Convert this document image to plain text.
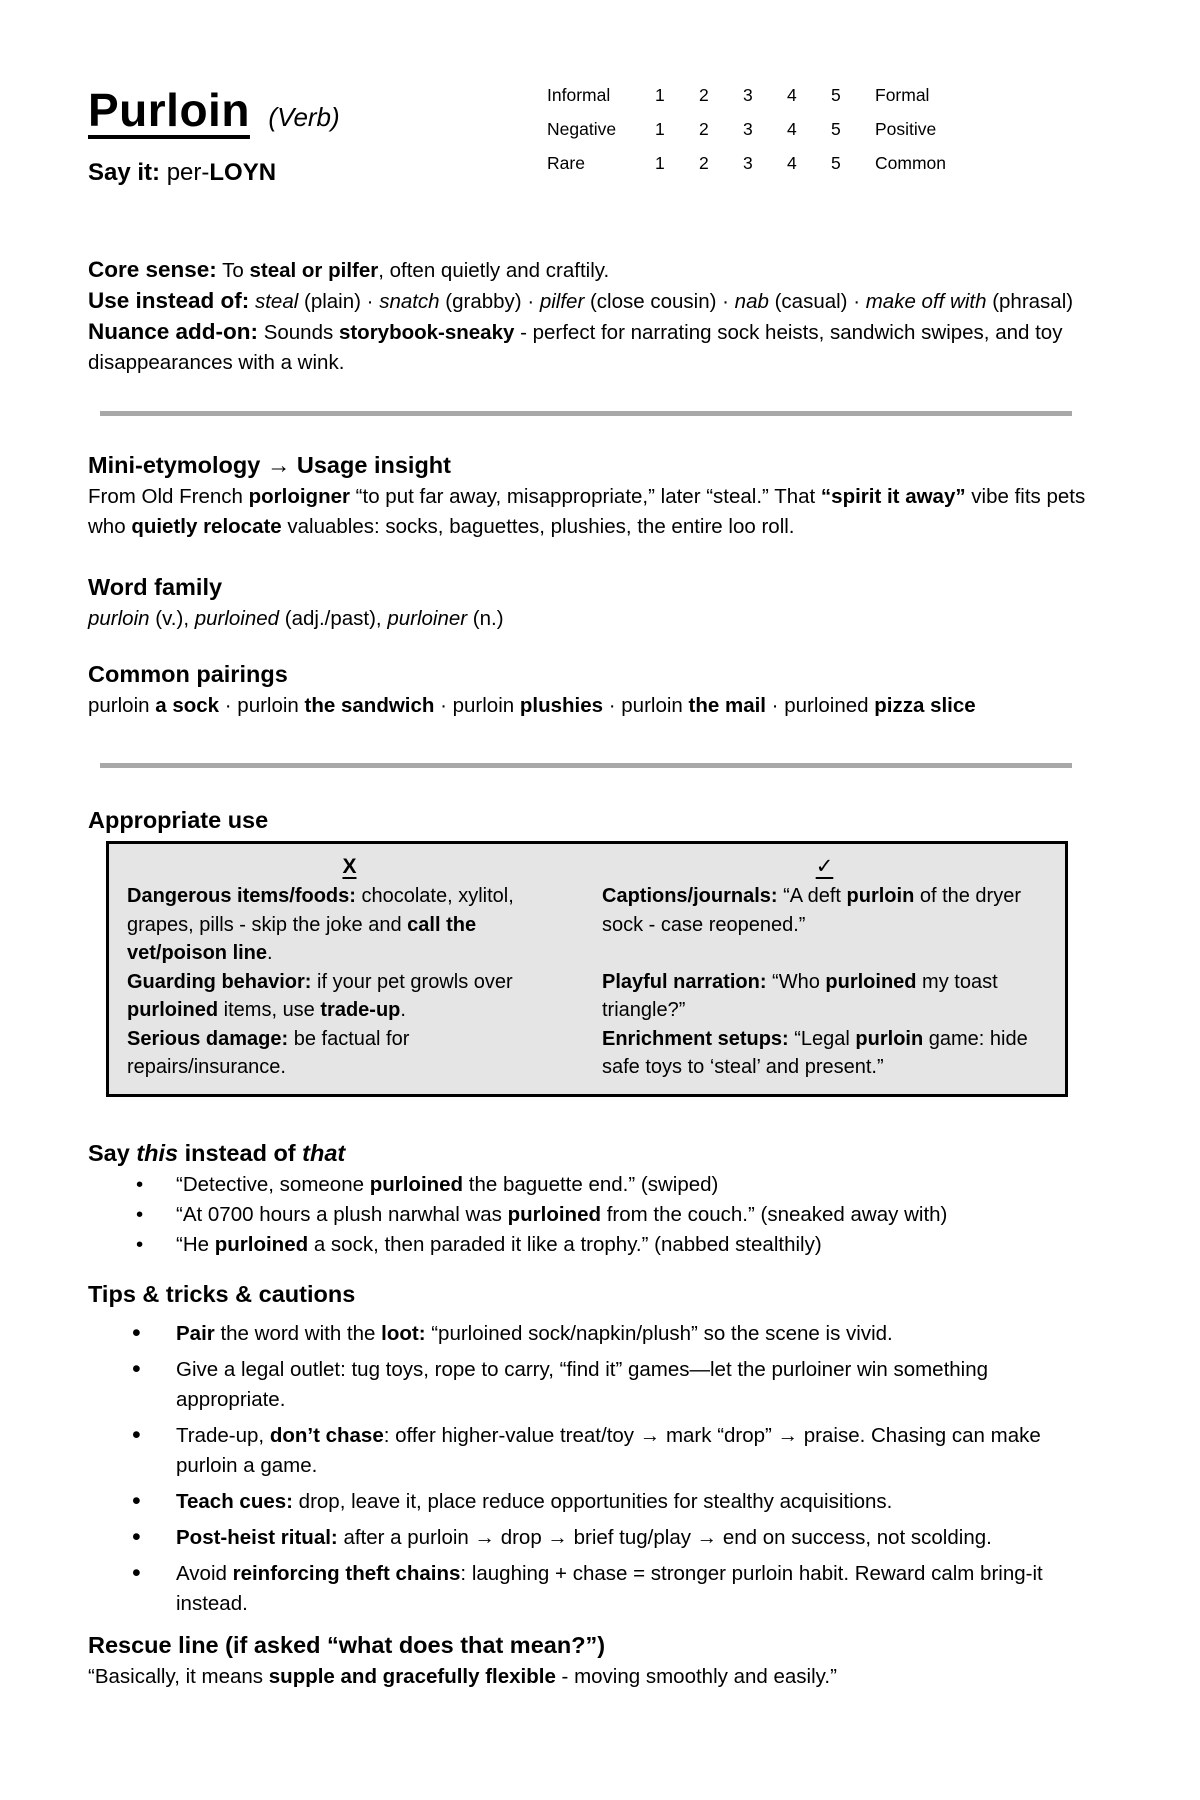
Purloin (Verb)
Say it: per-LOYN
Informal	1	2	3	4	5	Formal
Negative	1	2	3	4	5	Positive
Rare	1	2	3	4	5	Common
Core sense: To steal or pilfer, often quietly and craftily.
Use instead of: steal (plain) · snatch (grabby) · pilfer (close cousin) · nab (casual) · make off with (phrasal)
Nuance add-on: Sounds storybook-sneaky - perfect for narrating sock heists, sandwich swipes, and toy disappearances with a wink.
Mini-etymology → Usage insight
From Old French porloigner “to put far away, misappropriate,” later “steal.” That “spirit it away” vibe fits pets who quietly relocate valuables: socks, baguettes, plushies, the entire loo roll.
Word family
purloin (v.), purloined (adj./past), purloiner (n.)
Common pairings
purloin a sock · purloin the sandwich · purloin plushies · purloin the mail · purloined pizza slice
Appropriate use
X	✓
Dangerous items/foods: chocolate, xylitol, grapes, pills - skip the joke and call the vet/poison line.
Captions/journals: “A deft purloin of the dryer sock - case reopened.”
Guarding behavior: if your pet growls over purloined items, use trade-up.
Playful narration: “Who purloined my toast triangle?”
Serious damage: be factual for repairs/insurance.
Enrichment setups: “Legal purloin game: hide safe toys to ‘steal’ and present.”
Say this instead of that
• “Detective, someone purloined the baguette end.” (swiped)
• “At 0700 hours a plush narwhal was purloined from the couch.” (sneaked away with)
• “He purloined a sock, then paraded it like a trophy.” (nabbed stealthily)
Tips & tricks & cautions
• Pair the word with the loot: “purloined sock/napkin/plush” so the scene is vivid.
• Give a legal outlet: tug toys, rope to carry, “find it” games—let the purloiner win something appropriate.
• Trade-up, don’t chase: offer higher-value treat/toy → mark “drop” → praise. Chasing can make purloin a game.
• Teach cues: drop, leave it, place reduce opportunities for stealthy acquisitions.
• Post-heist ritual: after a purloin → drop → brief tug/play → end on success, not scolding.
• Avoid reinforcing theft chains: laughing + chase = stronger purloin habit. Reward calm bring-it instead.
Rescue line (if asked “what does that mean?”)
“Basically, it means supple and gracefully flexible - moving smoothly and easily.”
